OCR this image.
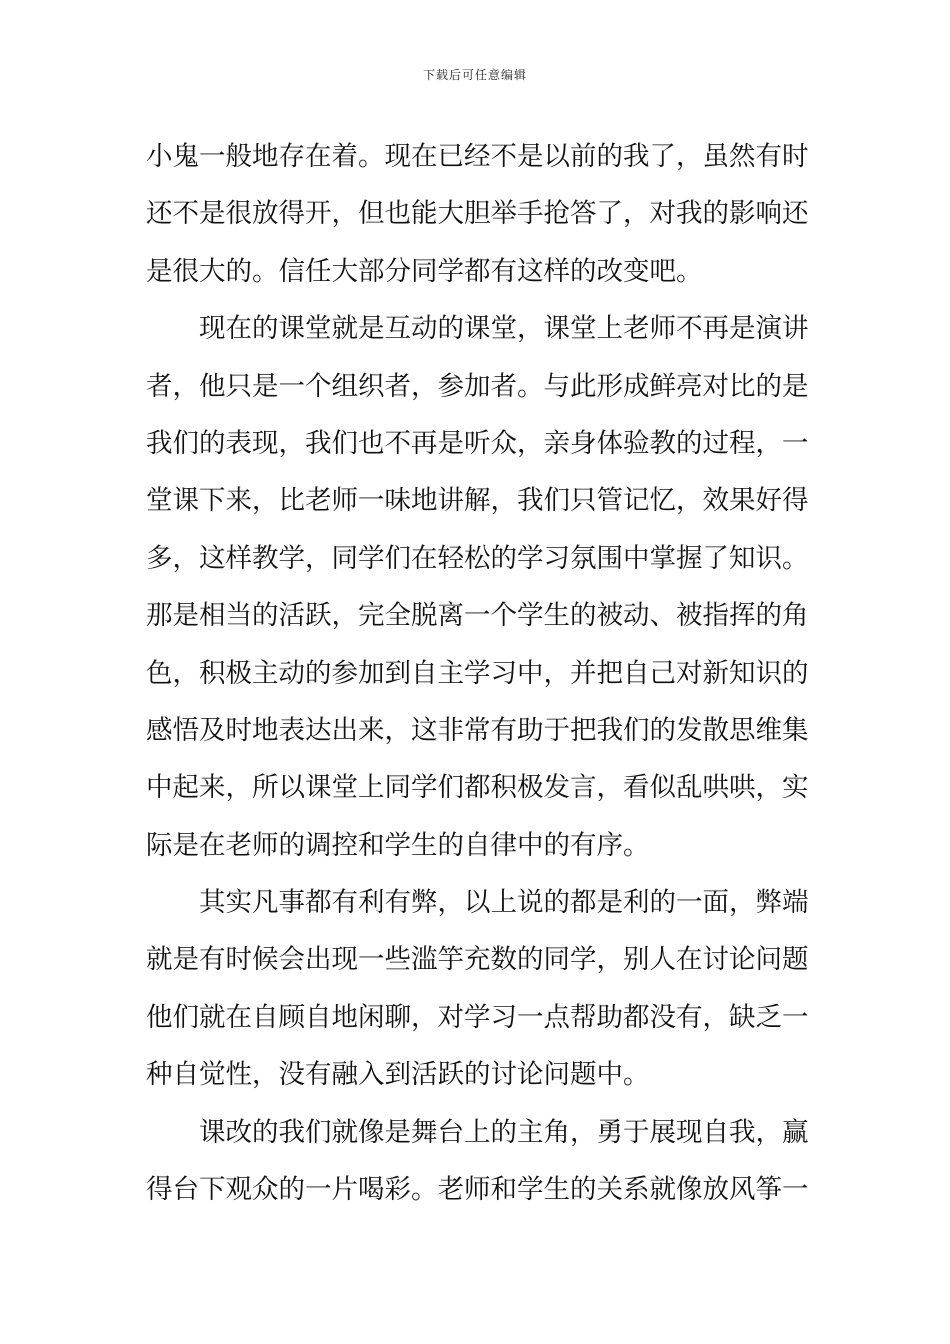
下载后可任意编辑
小鬼一般地存在着。现在已经不是以前的我了，虽然有时
还不是很放得开，但也能大胆举手抢答了，对我的影响还
是很大的。信任大部分同学都有这样的改变吧。
现在的课堂就是互动的课堂，课堂上老师不再是演讲
者，他只是一个组织者，参加者。与此形成鲜亮对比的是
我们的表现，我们也不再是听众，亲身体验教的过程，一
堂课下来，比老师一味地讲解，我们只管记忆，效果好得
多，这样教学，同学们在轻松的学习氛围中掌握了知识。
那是相当的活跃，完全脱离一个学生的被动、被指挥的角
色，积极主动的参加到自主学习中，并把自己对新知识的
感悟及时地表达出来，这非常有助于把我们的发散思维集
中起来，所以课堂上同学们都积极发言，看似乱哄哄，实
际是在老师的调控和学生的自律中的有序。
其实凡事都有利有弊，以上说的都是利的一面，弊端
就是有时候会出现一些滥竽充数的同学，别人在讨论问题
他们就在自顾自地闲聊，对学习一点帮助都没有，缺乏一
种自觉性，没有融入到活跃的讨论问题中。
课改的我们就像是舞台上的主角，勇于展现自我，赢
得台下观众的一片喝彩。老师和学生的关系就像放风筝一
